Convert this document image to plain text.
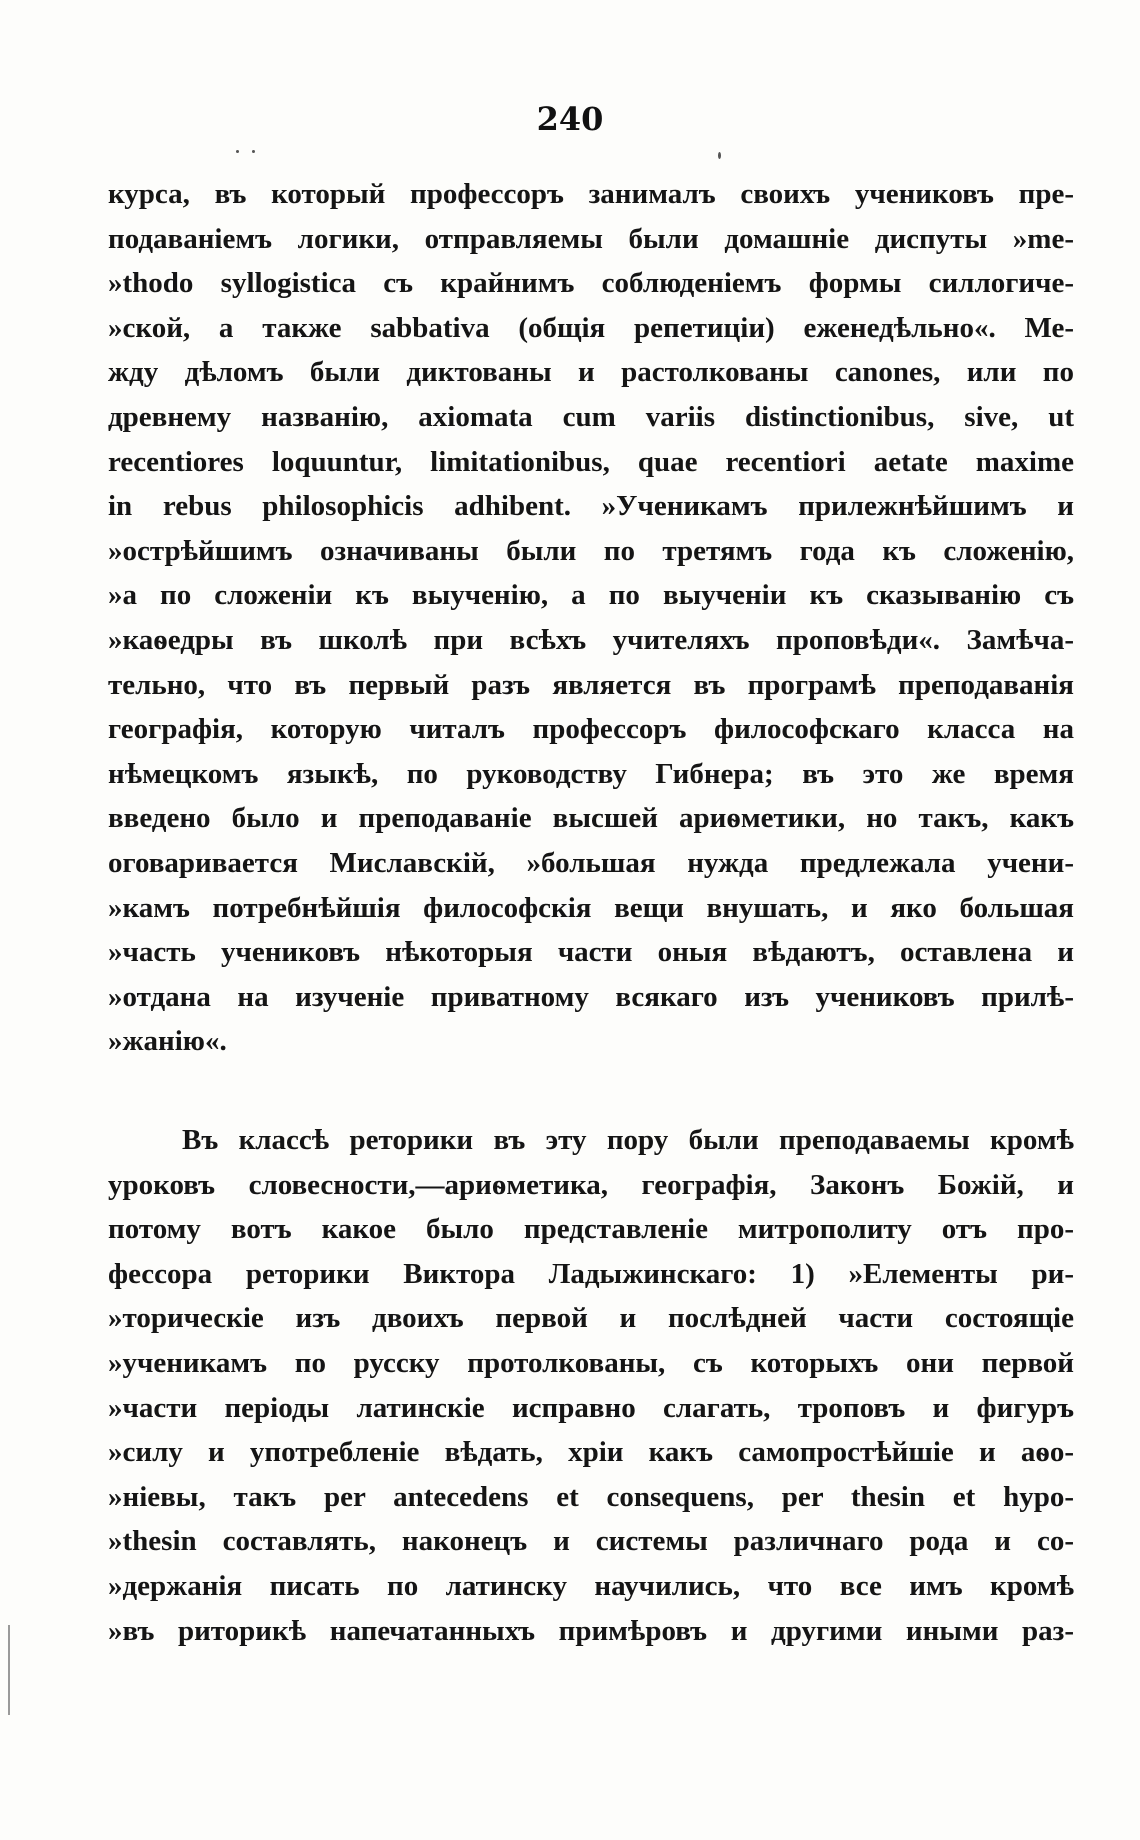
240
курса, въ который профессоръ занималъ своихъ учениковъ пре-
подаваніемъ логики, отправляемы были домашніе диспуты »me-
»thodo syllogistica съ крайнимъ соблюденіемъ формы силлогиче-
»ской, а также sabbativa (общія репетиціи) еженедѣльно«. Ме-
жду дѣломъ были диктованы и растолкованы canones, или по
древнему названію, axiomata cum variis distinctionibus, sive, ut
recentiores loquuntur, limitationibus, quae recentiori aetate maxime
in rebus philosophicis adhibent. »Ученикамъ прилежнѣйшимъ и
»острѣйшимъ означиваны были по третямъ года къ сложенію,
»а по сложеніи къ выученію, а по выученіи къ сказыванію съ
»каѳедры въ школѣ при всѣхъ учителяхъ проповѣди«. Замѣча-
тельно, что въ первый разъ является въ програмѣ преподаванія
географія, которую читалъ профессоръ философскаго класса на
нѣмецкомъ языкѣ, по руководству Гибнера; въ это же время
введено было и преподаваніе высшей ариѳметики, но такъ, какъ
оговаривается Миславскій, »большая нужда предлежала учени-
»камъ потребнѣйшія философскія вещи внушать, и яко большая
»часть учениковъ нѣкоторыя части оныя вѣдаютъ, оставлена и
»отдана на изученіе приватному всякаго изъ учениковъ прилѣ-
»жанію«.
Въ классѣ реторики въ эту пору были преподаваемы кромѣ
уроковъ словесности,—ариѳметика, географія, Законъ Божій, и
потому вотъ какое было представленіе митрополиту отъ про-
фессора реторики Виктора Ладыжинскаго: 1) »Елементы ри-
»торическіе изъ двоихъ первой и послѣдней части состоящіе
»ученикамъ по русску протолкованы, съ которыхъ они первой
»части періоды латинскіе исправно слагать, троповъ и фигуръ
»силу и употребленіе вѣдать, хріи какъ самопростѣйшіе и аѳо-
»ніевы, такъ per antecedens et consequens, per thesin et hypo-
»thesin составлять, наконецъ и системы различнаго рода и со-
»держанія писать по латинску научились, что все имъ кромѣ
»въ риторикѣ напечатанныхъ примѣровъ и другими иными раз-
